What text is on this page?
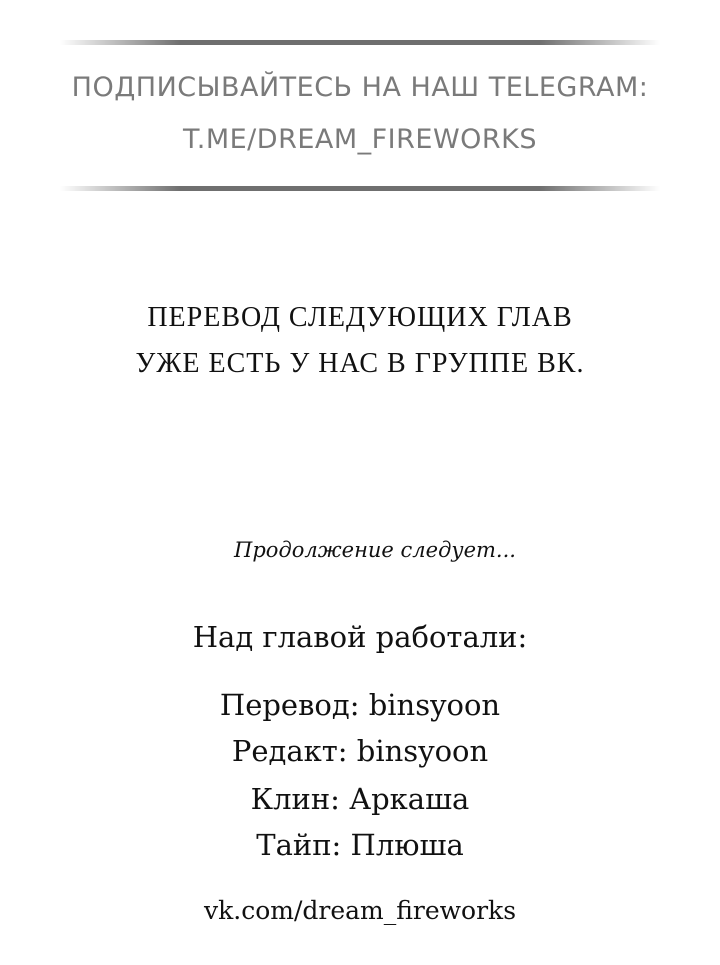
ПОДПИСЫВАЙТЕСЬ НА НАШ TELEGRAM:
T.ME/DREAM_FIREWORKS
ПЕРЕВОД СЛЕДУЮЩИХ ГЛАВ
УЖЕ ЕСТЬ У НАС В ГРУППЕ ВК.
Продолжение следует...
Над главой работали:
Перевод: binsyoon
Редакт: binsyoon
Клин: Аркаша
Тайп: Плюша
vk.com/dream_fireworks
